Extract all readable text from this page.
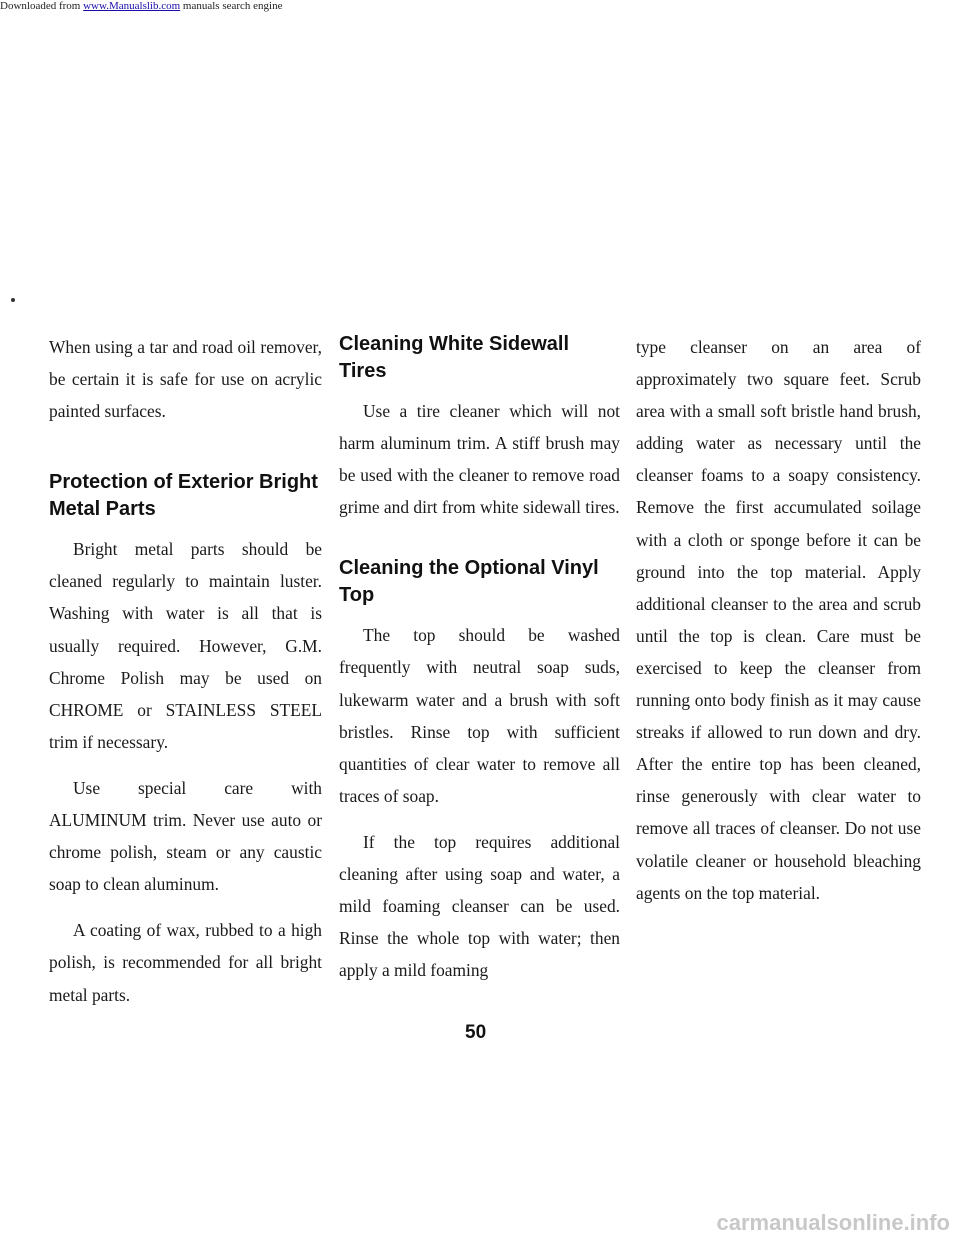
Downloaded from www.Manualslib.com manuals search engine

When using a tar and road oil remover, be certain it is safe for use on acrylic painted surfaces.

Protection of Exterior Bright Metal Parts

Bright metal parts should be cleaned regularly to maintain luster. Washing with water is all that is usually required. However, G.M. Chrome Polish may be used on CHROME or STAINLESS STEEL trim if necessary.

Use special care with ALUMINUM trim. Never use auto or chrome polish, steam or any caustic soap to clean aluminum.

A coating of wax, rubbed to a high polish, is recommended for all bright metal parts.

Cleaning White Sidewall Tires

Use a tire cleaner which will not harm aluminum trim. A stiff brush may be used with the cleaner to remove road grime and dirt from white sidewall tires.

Cleaning the Optional Vinyl Top

The top should be washed frequently with neutral soap suds, lukewarm water and a brush with soft bristles. Rinse top with sufficient quantities of clear water to remove all traces of soap.

If the top requires additional cleaning after using soap and water, a mild foaming cleanser can be used. Rinse the whole top with water; then apply a mild foaming

type cleanser on an area of approximately two square feet. Scrub area with a small soft bristle hand brush, adding water as necessary until the cleanser foams to a soapy consistency. Remove the first accumulated soilage with a cloth or sponge before it can be ground into the top material. Apply additional cleanser to the area and scrub until the top is clean. Care must be exercised to keep the cleanser from running onto body finish as it may cause streaks if allowed to run down and dry. After the entire top has been cleaned, rinse generously with clear water to remove all traces of cleanser. Do not use volatile cleaner or household bleaching agents on the top material.

50
carmanualsonline.info
